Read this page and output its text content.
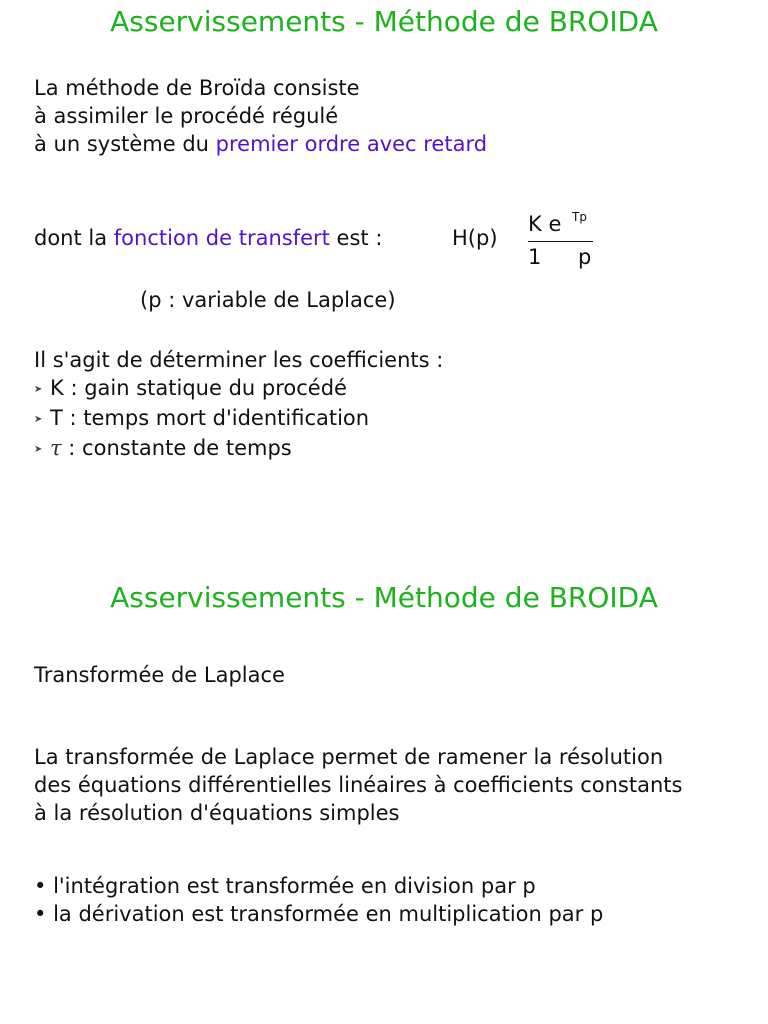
Asservissements - Méthode de BROIDA
La méthode de Broïda consiste
à assimiler le procédé régulé
à un système du premier ordre avec retard
dont la fonction de transfert est :	H(p)
K e Tp
1 p
(p : variable de Laplace)
Il s'agit de déterminer les coefficients :
➤ K : gain statique du procédé
➤ T : temps mort d'identification
➤ τ : constante de temps
Asservissements - Méthode de BROIDA
Transformée de Laplace
La transformée de Laplace permet de ramener la résolution
des équations différentielles linéaires à coefficients constants
à la résolution d'équations simples
• l'intégration est transformée en division par p
• la dérivation est transformée en multiplication par p
